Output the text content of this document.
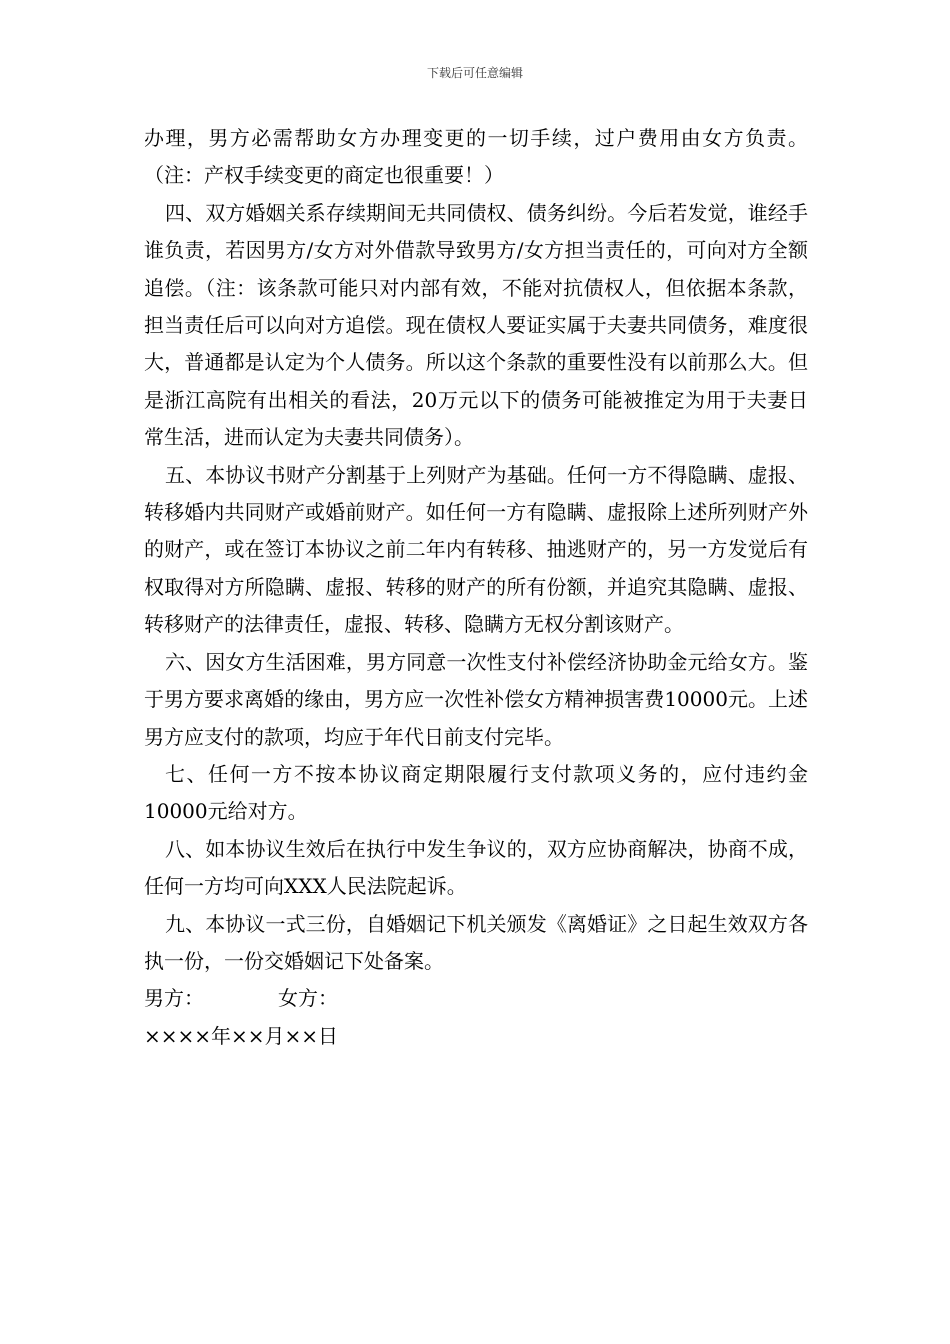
下载后可任意编辑

办理，男方必需帮助女方办理变更的一切手续，过户费用由女方负责。（注：产权手续变更的商定也很重要！）

四、双方婚姻关系存续期间无共同债权、债务纠纷。今后若发觉，谁经手谁负责，若因男方/女方对外借款导致男方/女方担当责任的，可向对方全额追偿。（注：该条款可能只对内部有效，不能对抗债权人，但依据本条款，担当责任后可以向对方追偿。现在债权人要证实属于夫妻共同债务，难度很大，普通都是认定为个人债务。所以这个条款的重要性没有以前那么大。但是浙江高院有出相关的看法，20万元以下的债务可能被推定为用于夫妻日常生活，进而认定为夫妻共同债务）。

五、本协议书财产分割基于上列财产为基础。任何一方不得隐瞒、虚报、转移婚内共同财产或婚前财产。如任何一方有隐瞒、虚报除上述所列财产外的财产，或在签订本协议之前二年内有转移、抽逃财产的，另一方发觉后有权取得对方所隐瞒、虚报、转移的财产的所有份额，并追究其隐瞒、虚报、转移财产的法律责任，虚报、转移、隐瞒方无权分割该财产。

六、因女方生活困难，男方同意一次性支付补偿经济协助金元给女方。鉴于男方要求离婚的缘由，男方应一次性补偿女方精神损害费10000元。上述男方应支付的款项，均应于年代日前支付完毕。

七、任何一方不按本协议商定期限履行支付款项义务的，应付违约金10000元给对方。

八、如本协议生效后在执行中发生争议的，双方应协商解决，协商不成，任何一方均可向XXX人民法院起诉。

九、本协议一式三份，自婚姻记下机关颁发《离婚证》之日起生效双方各执一份，一份交婚姻记下处备案。

男方：	女方：

××××年××月××日
